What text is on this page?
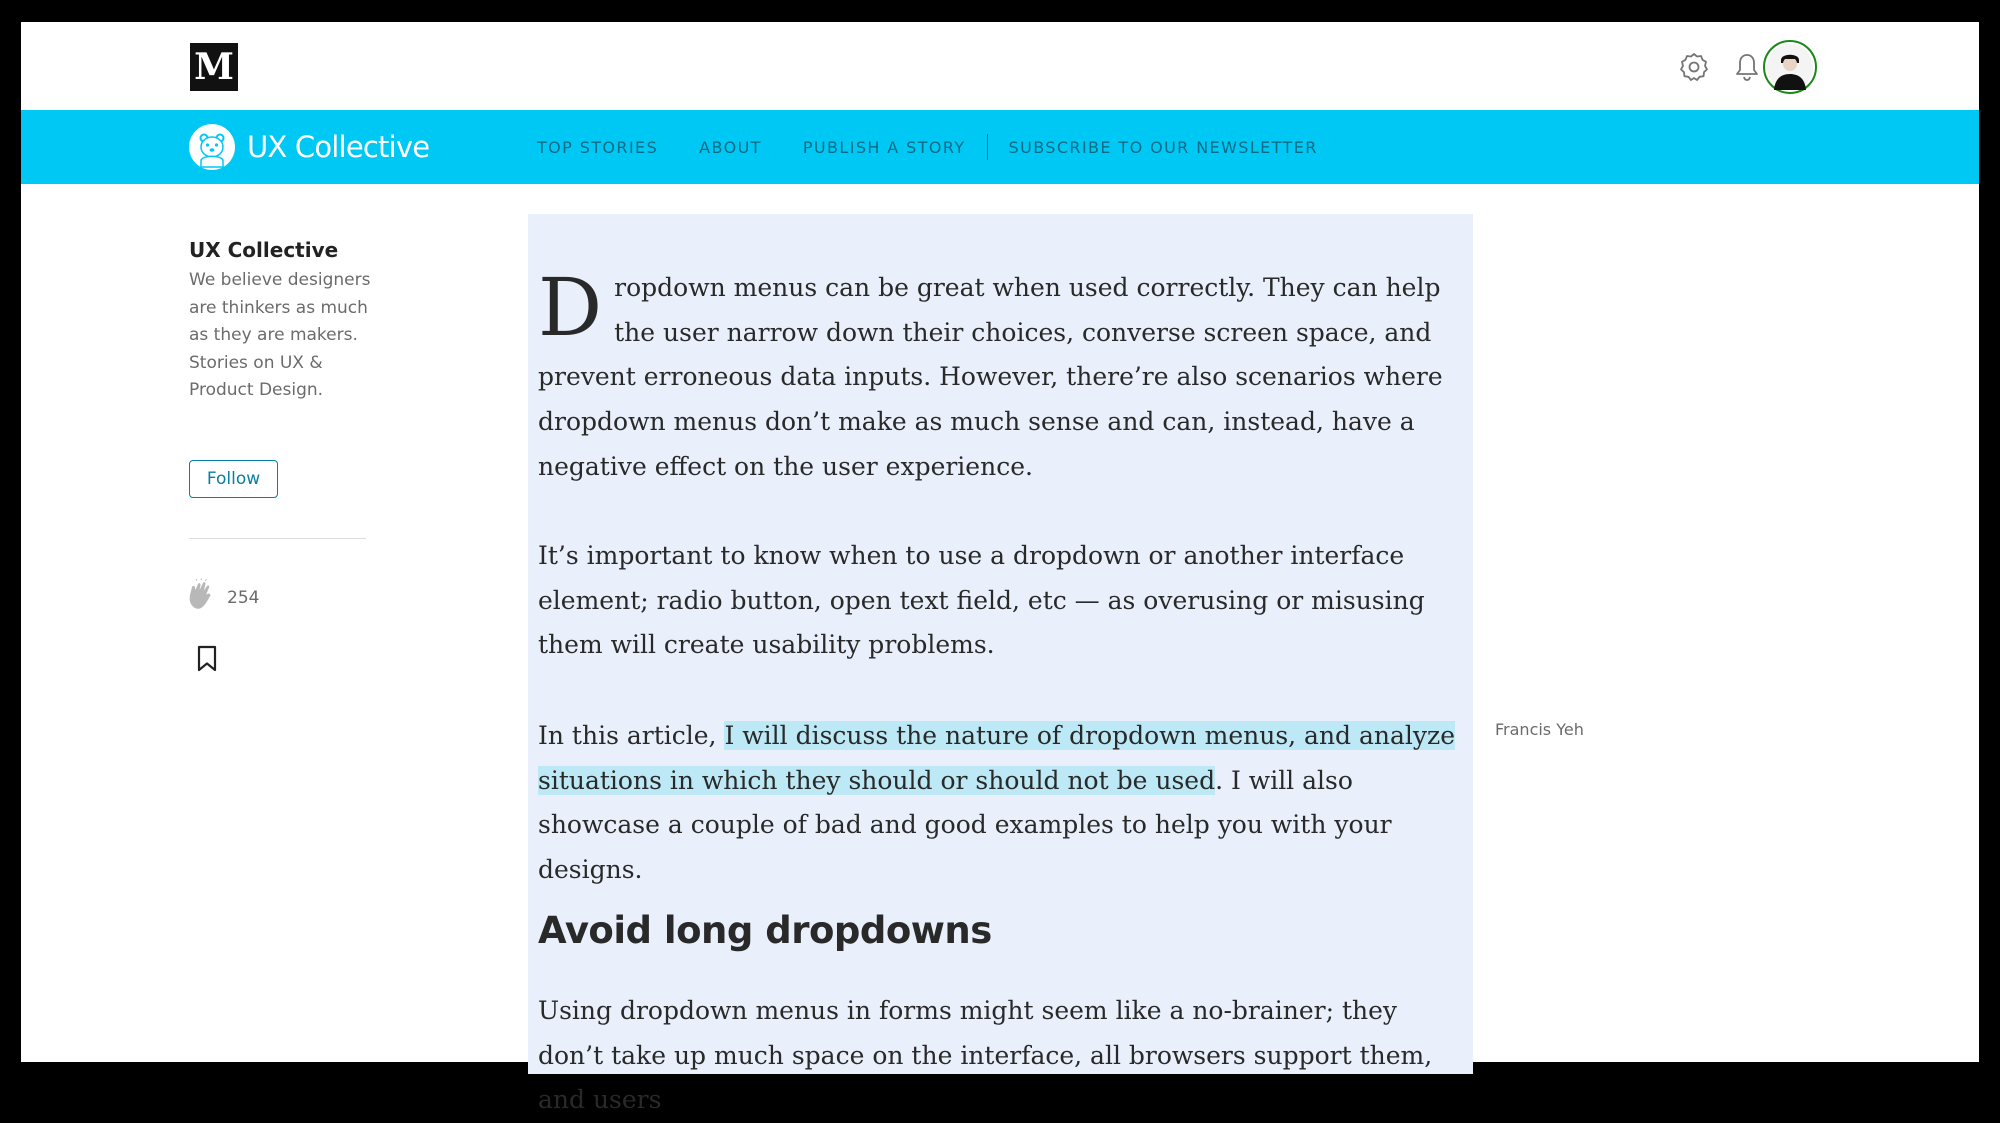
M
UX Collective	TOP STORIES	ABOUT	PUBLISH A STORY	SUBSCRIBE TO OUR NEWSLETTER
UX Collective
We believe designers are thinkers as much as they are makers. Stories on UX & Product Design.
Follow
254

Dropdown menus can be great when used correctly. They can help the user narrow down their choices, converse screen space, and prevent erroneous data inputs. However, there’re also scenarios where dropdown menus don’t make as much sense and can, instead, have a negative effect on the user experience.

It’s important to know when to use a dropdown or another interface element; radio button, open text field, etc — as overusing or misusing them will create usability problems.

In this article, I will discuss the nature of dropdown menus, and analyze situations in which they should or should not be used. I will also showcase a couple of bad and good examples to help you with your designs.

Avoid long dropdowns

Using dropdown menus in forms might seem like a no-brainer; they don’t take up much space on the interface, all browsers support them, and users

Francis Yeh
